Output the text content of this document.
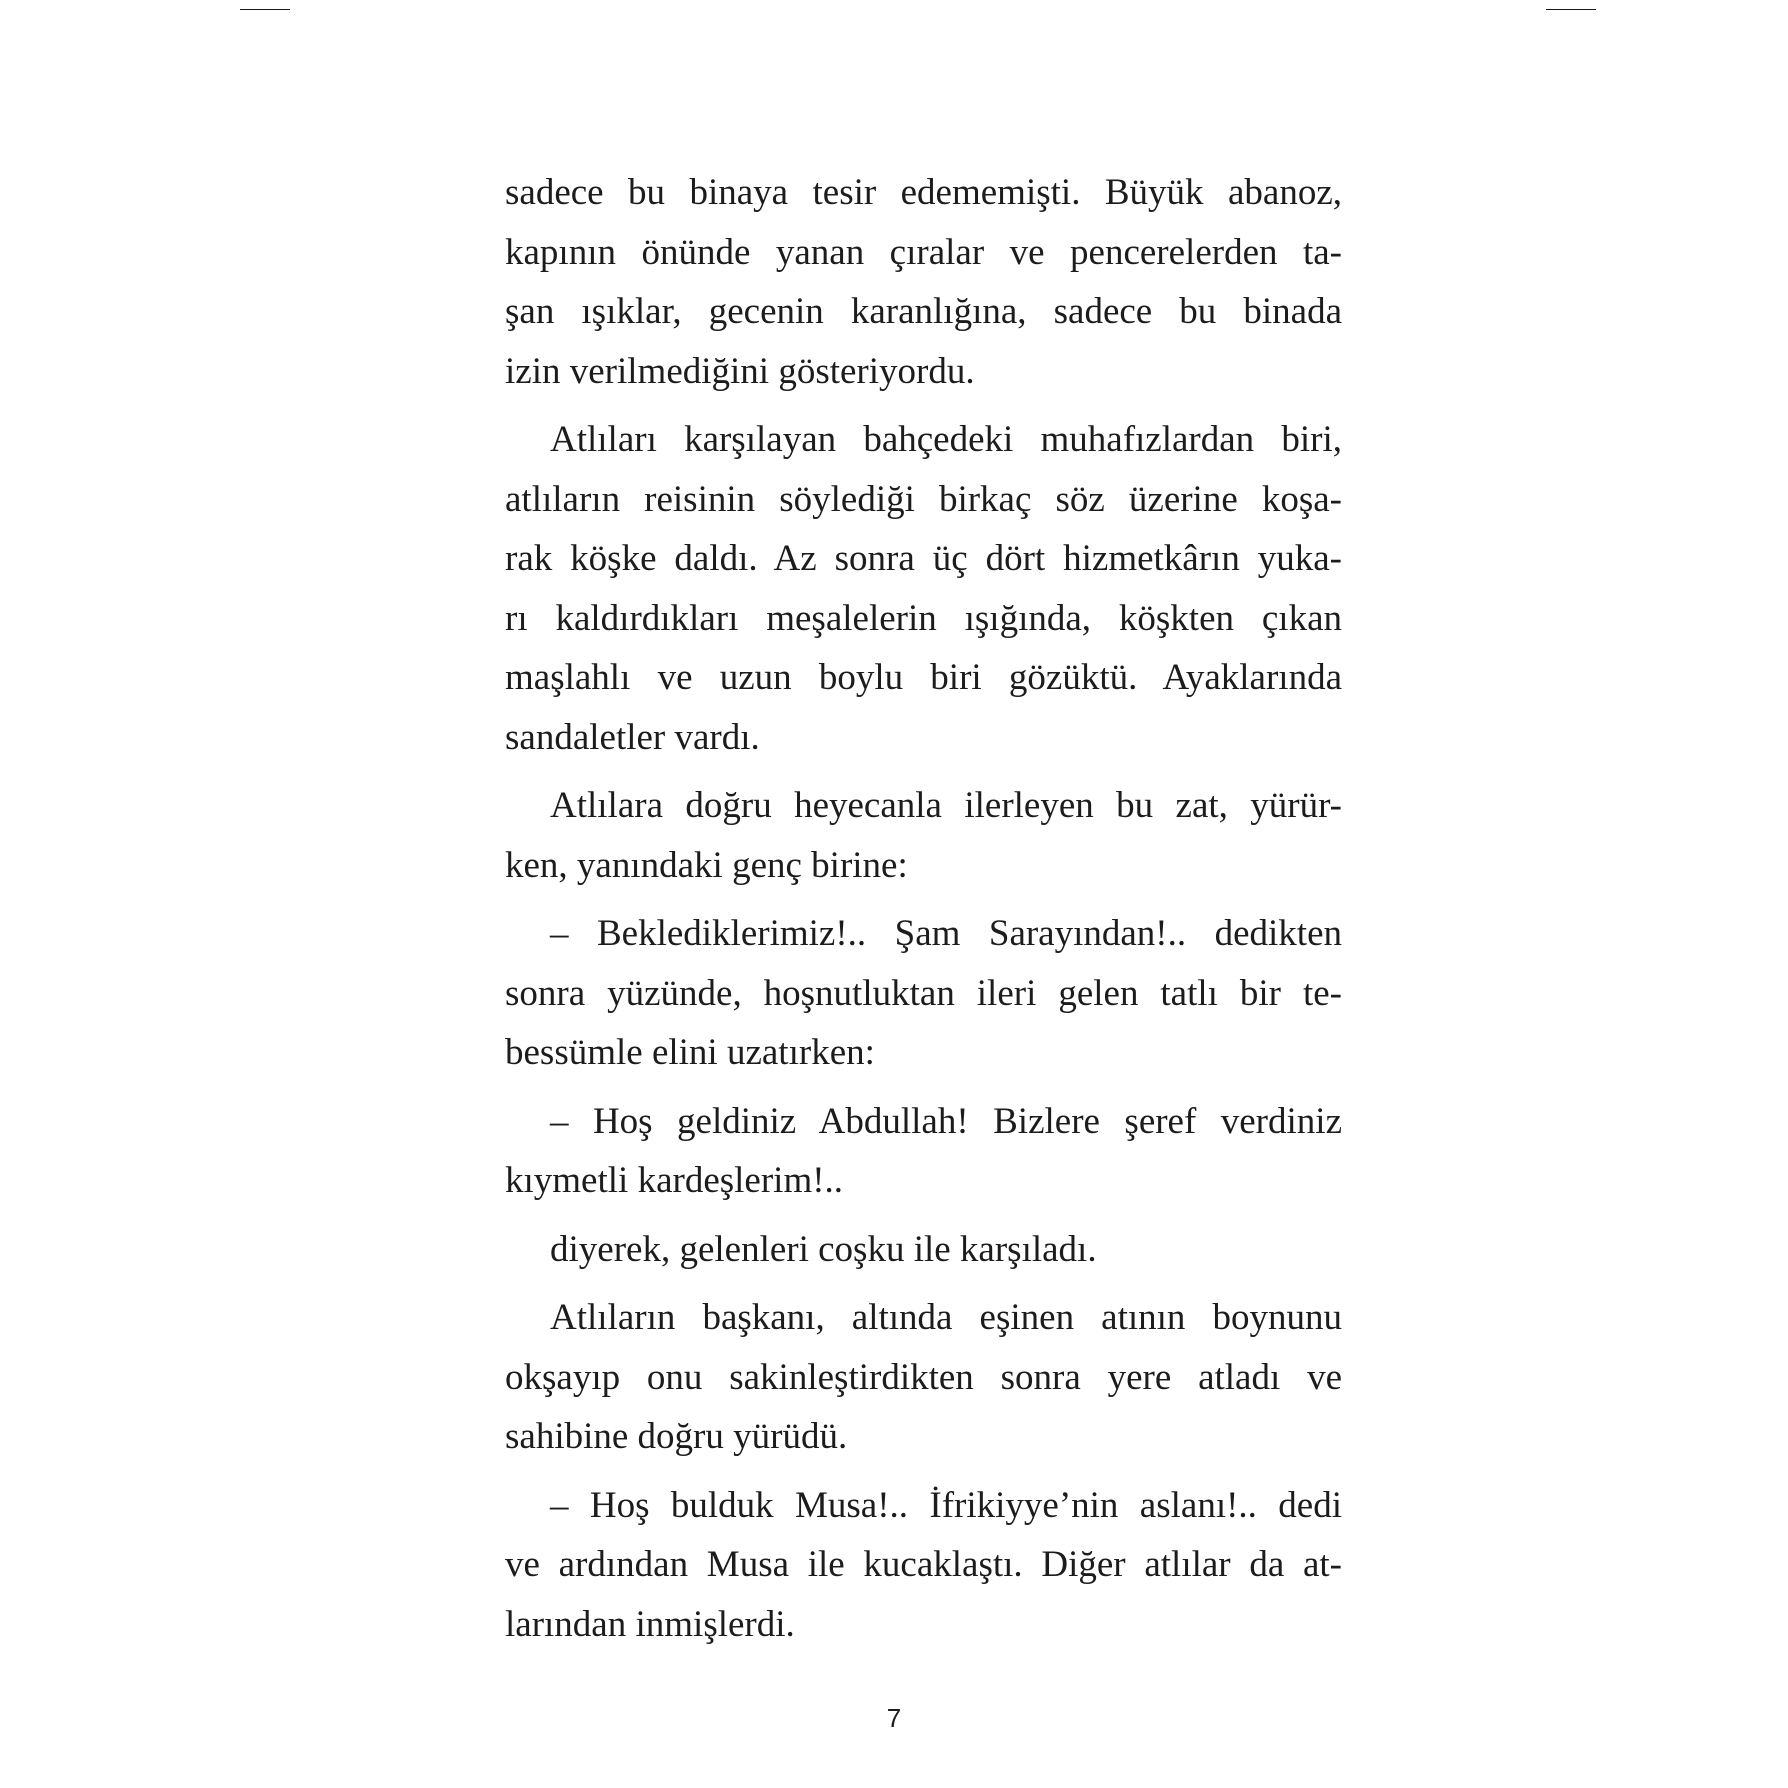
sadece bu binaya tesir edememişti. Büyük abanoz,
kapının önünde yanan çıralar ve pencerelerden ta-
şan ışıklar, gecenin karanlığına, sadece bu binada
izin verilmediğini gösteriyordu.
Atlıları karşılayan bahçedeki muhafızlardan biri,
atlıların reisinin söylediği birkaç söz üzerine koşa-
rak köşke daldı. Az sonra üç dört hizmetkârın yuka-
rı kaldırdıkları meşalelerin ışığında, köşkten çıkan
maşlahlı ve uzun boylu biri gözüktü. Ayaklarında
sandaletler vardı.
Atlılara doğru heyecanla ilerleyen bu zat, yürür-
ken, yanındaki genç birine:
– Beklediklerimiz!.. Şam Sarayından!.. dedikten
sonra yüzünde, hoşnutluktan ileri gelen tatlı bir te-
bessümle elini uzatırken:
– Hoş geldiniz Abdullah! Bizlere şeref verdiniz
kıymetli kardeşlerim!..
diyerek, gelenleri coşku ile karşıladı.
Atlıların başkanı, altında eşinen atının boynunu
okşayıp onu sakinleştirdikten sonra yere atladı ve
sahibine doğru yürüdü.
– Hoş bulduk Musa!.. İfrikiyye’nin aslanı!.. dedi
ve ardından Musa ile kucaklaştı. Diğer atlılar da at-
larından inmişlerdi.
7
